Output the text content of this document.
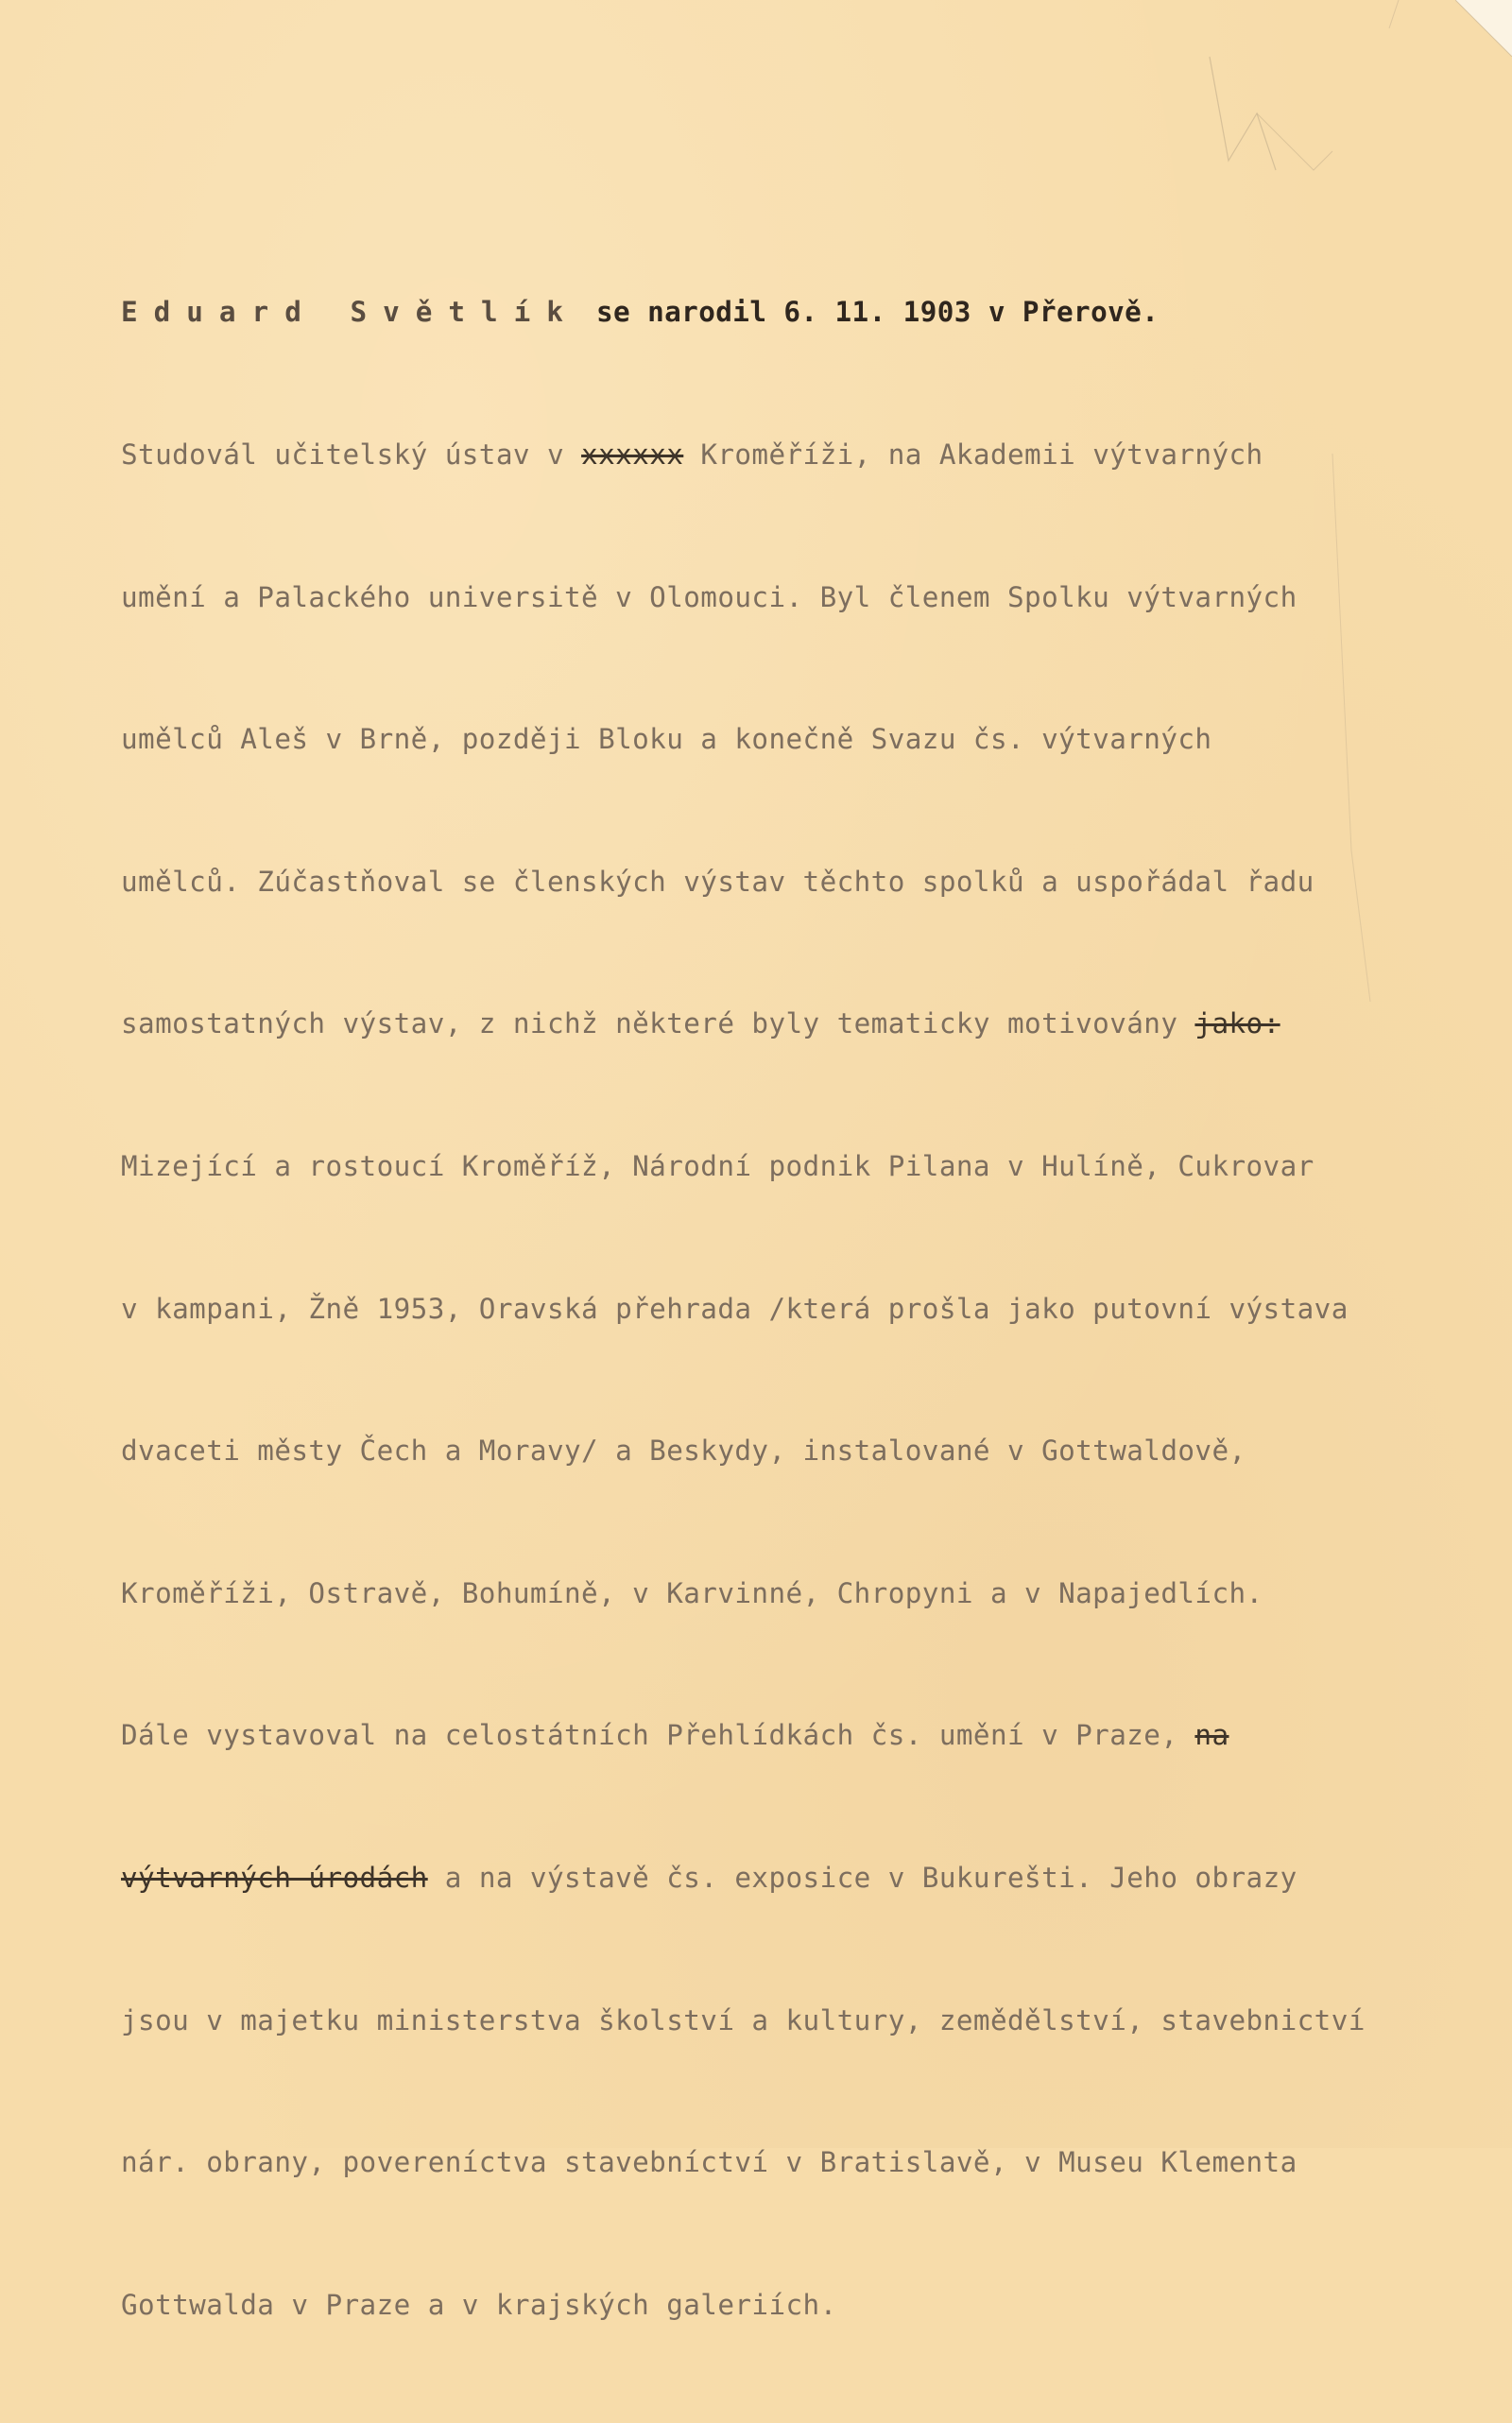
Eduard Světlík se narodil 6. 11. 1903 v Přerově.

Studovál učitelský ústav v xxxxxx Kroměříži, na Akademii výtvarných

umění a Palackého universitě v Olomouci. Byl členem Spolku výtvarných

umělců Aleš v Brně, později Bloku a konečně Svazu čs. výtvarných

umělců. Zúčastňoval se členských výstav těchto spolků a uspořádal řadu

samostatných výstav, z nichž některé byly tematicky motivovány jako:

Mizející a rostoucí Kroměříž, Národní podnik Pilana v Hulíně, Cukrovar

v kampani, Žně 1953, Oravská přehrada /která prošla jako putovní výstava

dvaceti městy Čech a Moravy/ a Beskydy, instalované v Gottwaldově,

Kroměříži, Ostravě, Bohumíně, v Karvinné, Chropyni a v Napajedlích.

Dále vystavoval na celostátních Přehlídkách čs. umění v Praze, na

výtvarných úrodách a na výstavě čs. exposice v Bukurešti. Jeho obrazy

jsou v majetku ministerstva školství a kultury, zemědělství, stavebnictví

nár. obrany, povereníctva stavebníctví v Bratislavě, v Museu Klementa

Gottwalda v Praze a v krajských galeriích.
